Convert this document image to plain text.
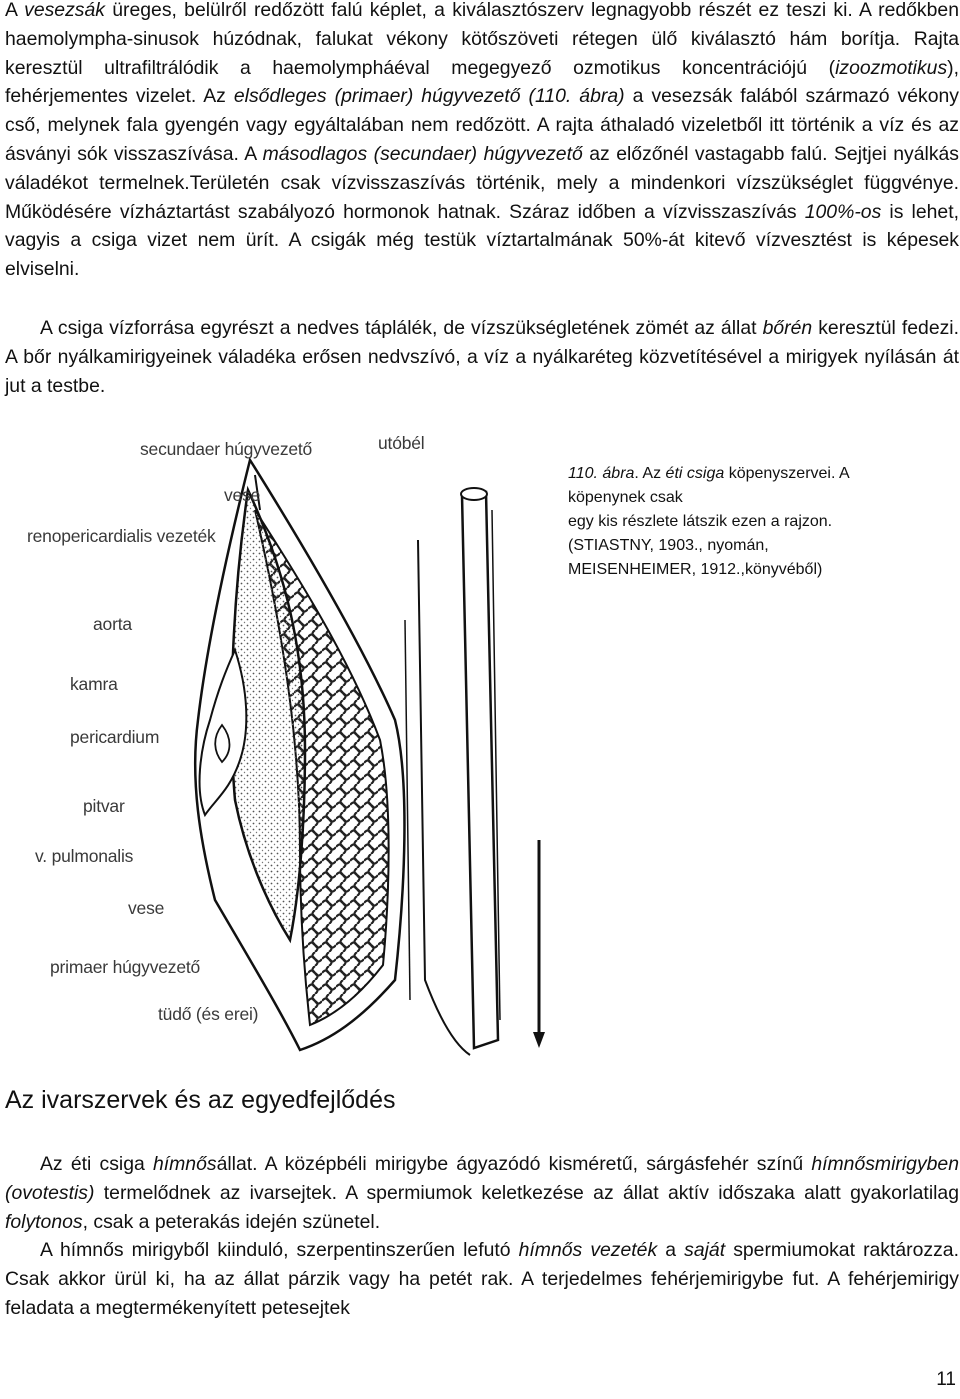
A vesezsák üreges, belülről redőzött falú képlet, a kiválasztószerv legnagyobb részét ez teszi ki. A redőkben haemolympha-sinusok húzódnak, falukat vékony kötőszöveti rétegen ülő kiválasztó hám borítja. Rajta keresztül ultrafiltrálódik a haemolympháéval megegyező ozmotikus koncentrációjú (izoozmotikus), fehérjementes vizelet. Az elsődleges (primaer) húgyvezető (110. ábra) a vesezsák falából származó vékony cső, melynek fala gyengén vagy egyáltalában nem redőzött. A rajta áthaladó vizeletből itt történik a víz és az ásványi sók visszaszívása. A másodlagos (secundaer) húgyvezető az előzőnél vastagabb falú. Sejtjei nyálkás váladékot termelnek.Területén csak vízvisszaszívás történik, mely a mindenkori vízszükséglet függvénye. Működésére vízháztartást szabályozó hormonok hatnak. Száraz időben a vízvisszaszívás 100%-os is lehet, vagyis a csiga vizet nem ürít. A csigák még testük víztartalmának 50%-át kitevő vízvesztést is képesek elviselni.

A csiga vízforrása egyrészt a nedves táplálék, de vízszükségletének zömét az állat bőrén keresztül fedezi. A bőr nyálkamirigyeinek váladéka erősen nedvszívó, a víz a nyálkaréteg közvetítésével a mirigyek nyílásán át jut a testbe.

secundaer húgyvezető	utóbél
vese
renopericardialis vezeték
aorta
kamra
pericardium
pitvar
v. pulmonalis
vese
primaer húgyvezető
tüdő (és erei)
110. ábra. Az éti csiga köpenyszervei. A
köpenynek csak
egy kis részlete látszik ezen a rajzon.
(STIASTNY, 1903., nyomán,
MEISENHEIMER, 1912.,könyvéből)
Az ivarszervek és az egyedfejlődés

Az éti csiga hímnősállat. A középbéli mirigybe ágyazódó kisméretű, sárgásfehér színű hímnősmirigyben (ovotestis) termelődnek az ivarsejtek. A spermiumok keletkezése az állat aktív időszaka alatt gyakorlatilag folytonos, csak a peterakás idején szünetel.

A hímnős mirigyből kiinduló, szerpentinszerűen lefutó hímnős vezeték a saját spermiumokat raktározza. Csak akkor ürül ki, ha az állat párzik vagy ha petét rak. A terjedelmes fehérjemirigybe fut. A fehérjemirigy feladata a megtermékenyített petesejtek

11
